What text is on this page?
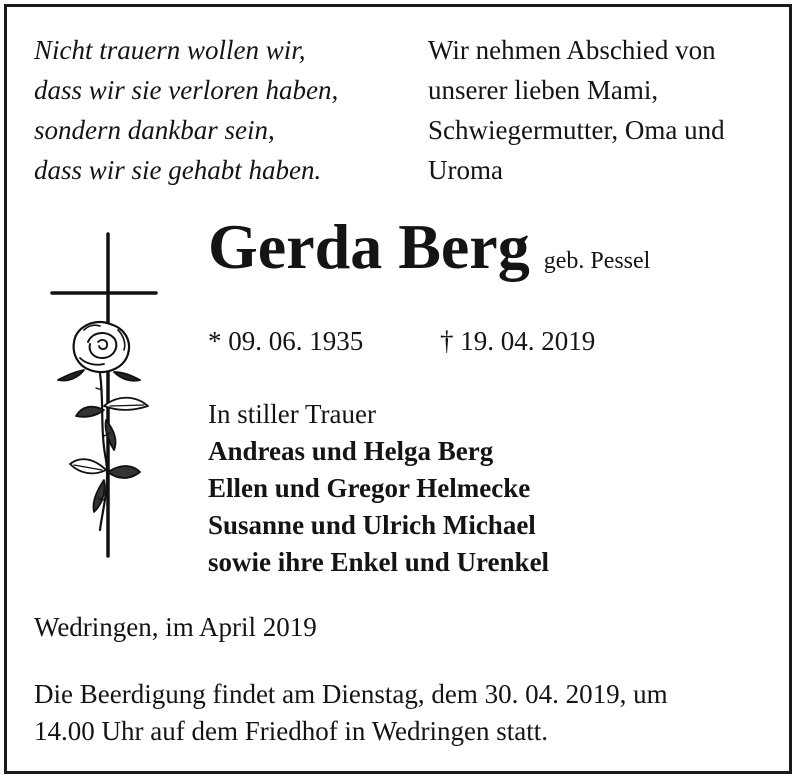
Nicht trauern wollen wir,
dass wir sie verloren haben,
sondern dankbar sein,
dass wir sie gehabt haben.
Wir nehmen Abschied von
unserer lieben Mami,
Schwiegermutter, Oma und
Uroma
Gerda Berg geb. Pessel
* 09. 06. 1935	† 19. 04. 2019
In stiller Trauer
Andreas und Helga Berg
Ellen und Gregor Helmecke
Susanne und Ulrich Michael
sowie ihre Enkel und Urenkel
Wedringen, im April 2019
Die Beerdigung findet am Dienstag, dem 30. 04. 2019, um
14.00 Uhr auf dem Friedhof in Wedringen statt.
